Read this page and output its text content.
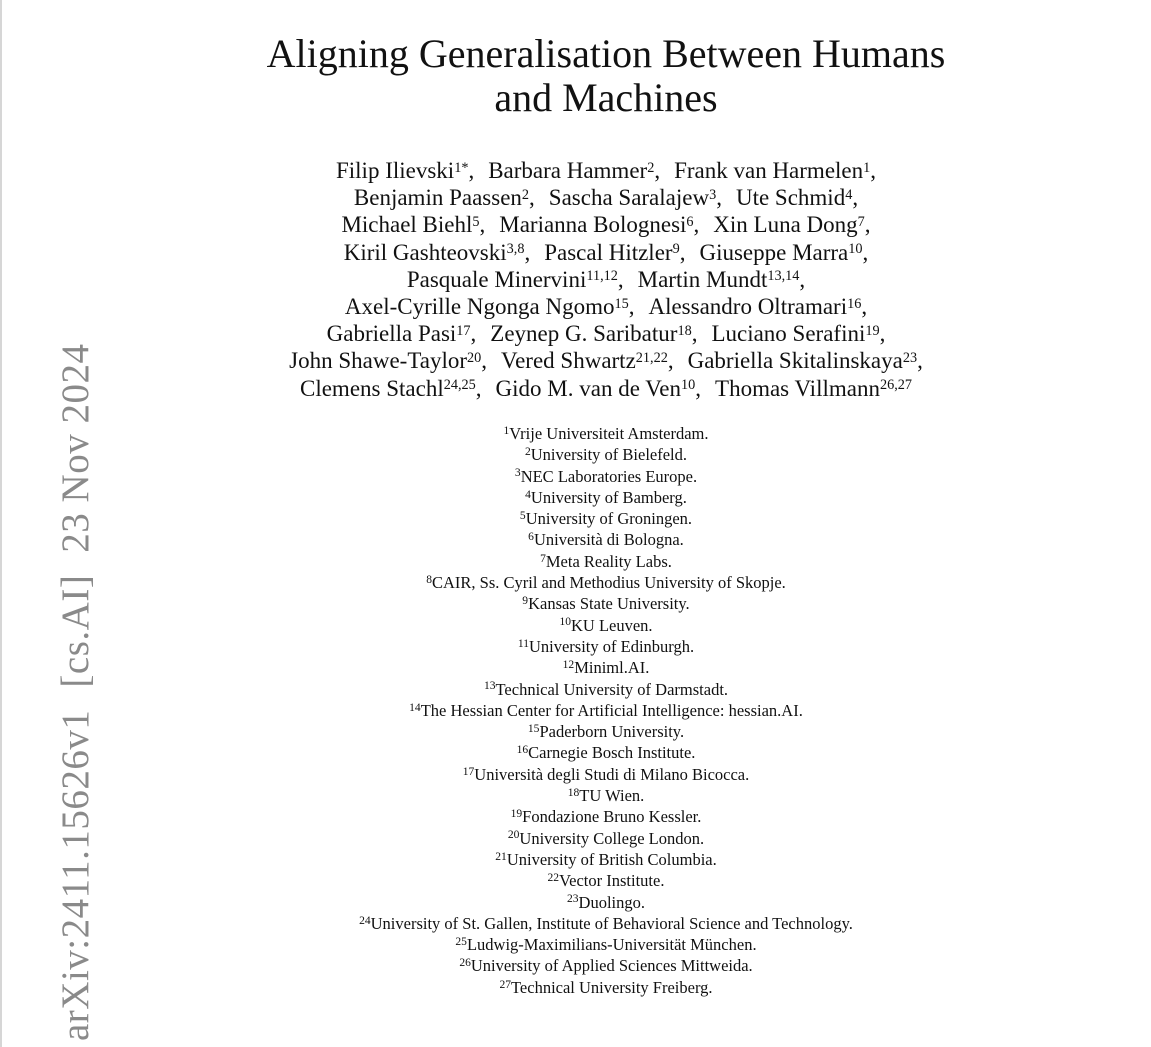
arXiv:2411.15626v1[cs.AI]23 Nov 2024
Aligning Generalisation Between Humans
and Machines
Filip Ilievski$^{1*}$, Barbara Hammer$^2$, Frank van Harmelen$^1$,
Benjamin Paassen$^2$, Sascha Saralajew$^3$, Ute Schmid$^4$,
Michael Biehl$^5$, Marianna Bolognesi$^6$, Xin Luna Dong$^7$,
Kiril Gashteovski$^{3,8}$, Pascal Hitzler$^9$, Giuseppe Marra$^{10}$,
Pasquale Minervini$^{11,12}$, Martin Mundt$^{13,14}$,
Axel-Cyrille Ngonga Ngomo$^{15}$, Alessandro Oltramari$^{16}$,
Gabriella Pasi$^{17}$, Zeynep G. Saribatur$^{18}$, Luciano Serafini$^{19}$,
John Shawe-Taylor$^{20}$, Vered Shwartz$^{21,22}$, Gabriella Skitalinskaya$^{23}$,
Clemens Stachl$^{24,25}$, Gido M. van de Ven$^{10}$, Thomas Villmann$^{26,27}$
$^1$Vrije Universiteit Amsterdam.
$^2$University of Bielefeld.
$^3$NEC Laboratories Europe.
$^4$University of Bamberg.
$^5$University of Groningen.
$^6$Università di Bologna.
$^7$Meta Reality Labs.
$^8$CAIR, Ss. Cyril and Methodius University of Skopje.
$^9$Kansas State University.
$^{10}$KU Leuven.
$^{11}$University of Edinburgh.
$^{12}$Miniml.AI.
$^{13}$Technical University of Darmstadt.
$^{14}$The Hessian Center for Artificial Intelligence: hessian.AI.
$^{15}$Paderborn University.
$^{16}$Carnegie Bosch Institute.
$^{17}$Università degli Studi di Milano Bicocca.
$^{18}$TU Wien.
$^{19}$Fondazione Bruno Kessler.
$^{20}$University College London.
$^{21}$University of British Columbia.
$^{22}$Vector Institute.
$^{23}$Duolingo.
$^{24}$University of St. Gallen, Institute of Behavioral Science and Technology.
$^{25}$Ludwig-Maximilians-Universität München.
$^{26}$University of Applied Sciences Mittweida.
$^{27}$Technical University Freiberg.
